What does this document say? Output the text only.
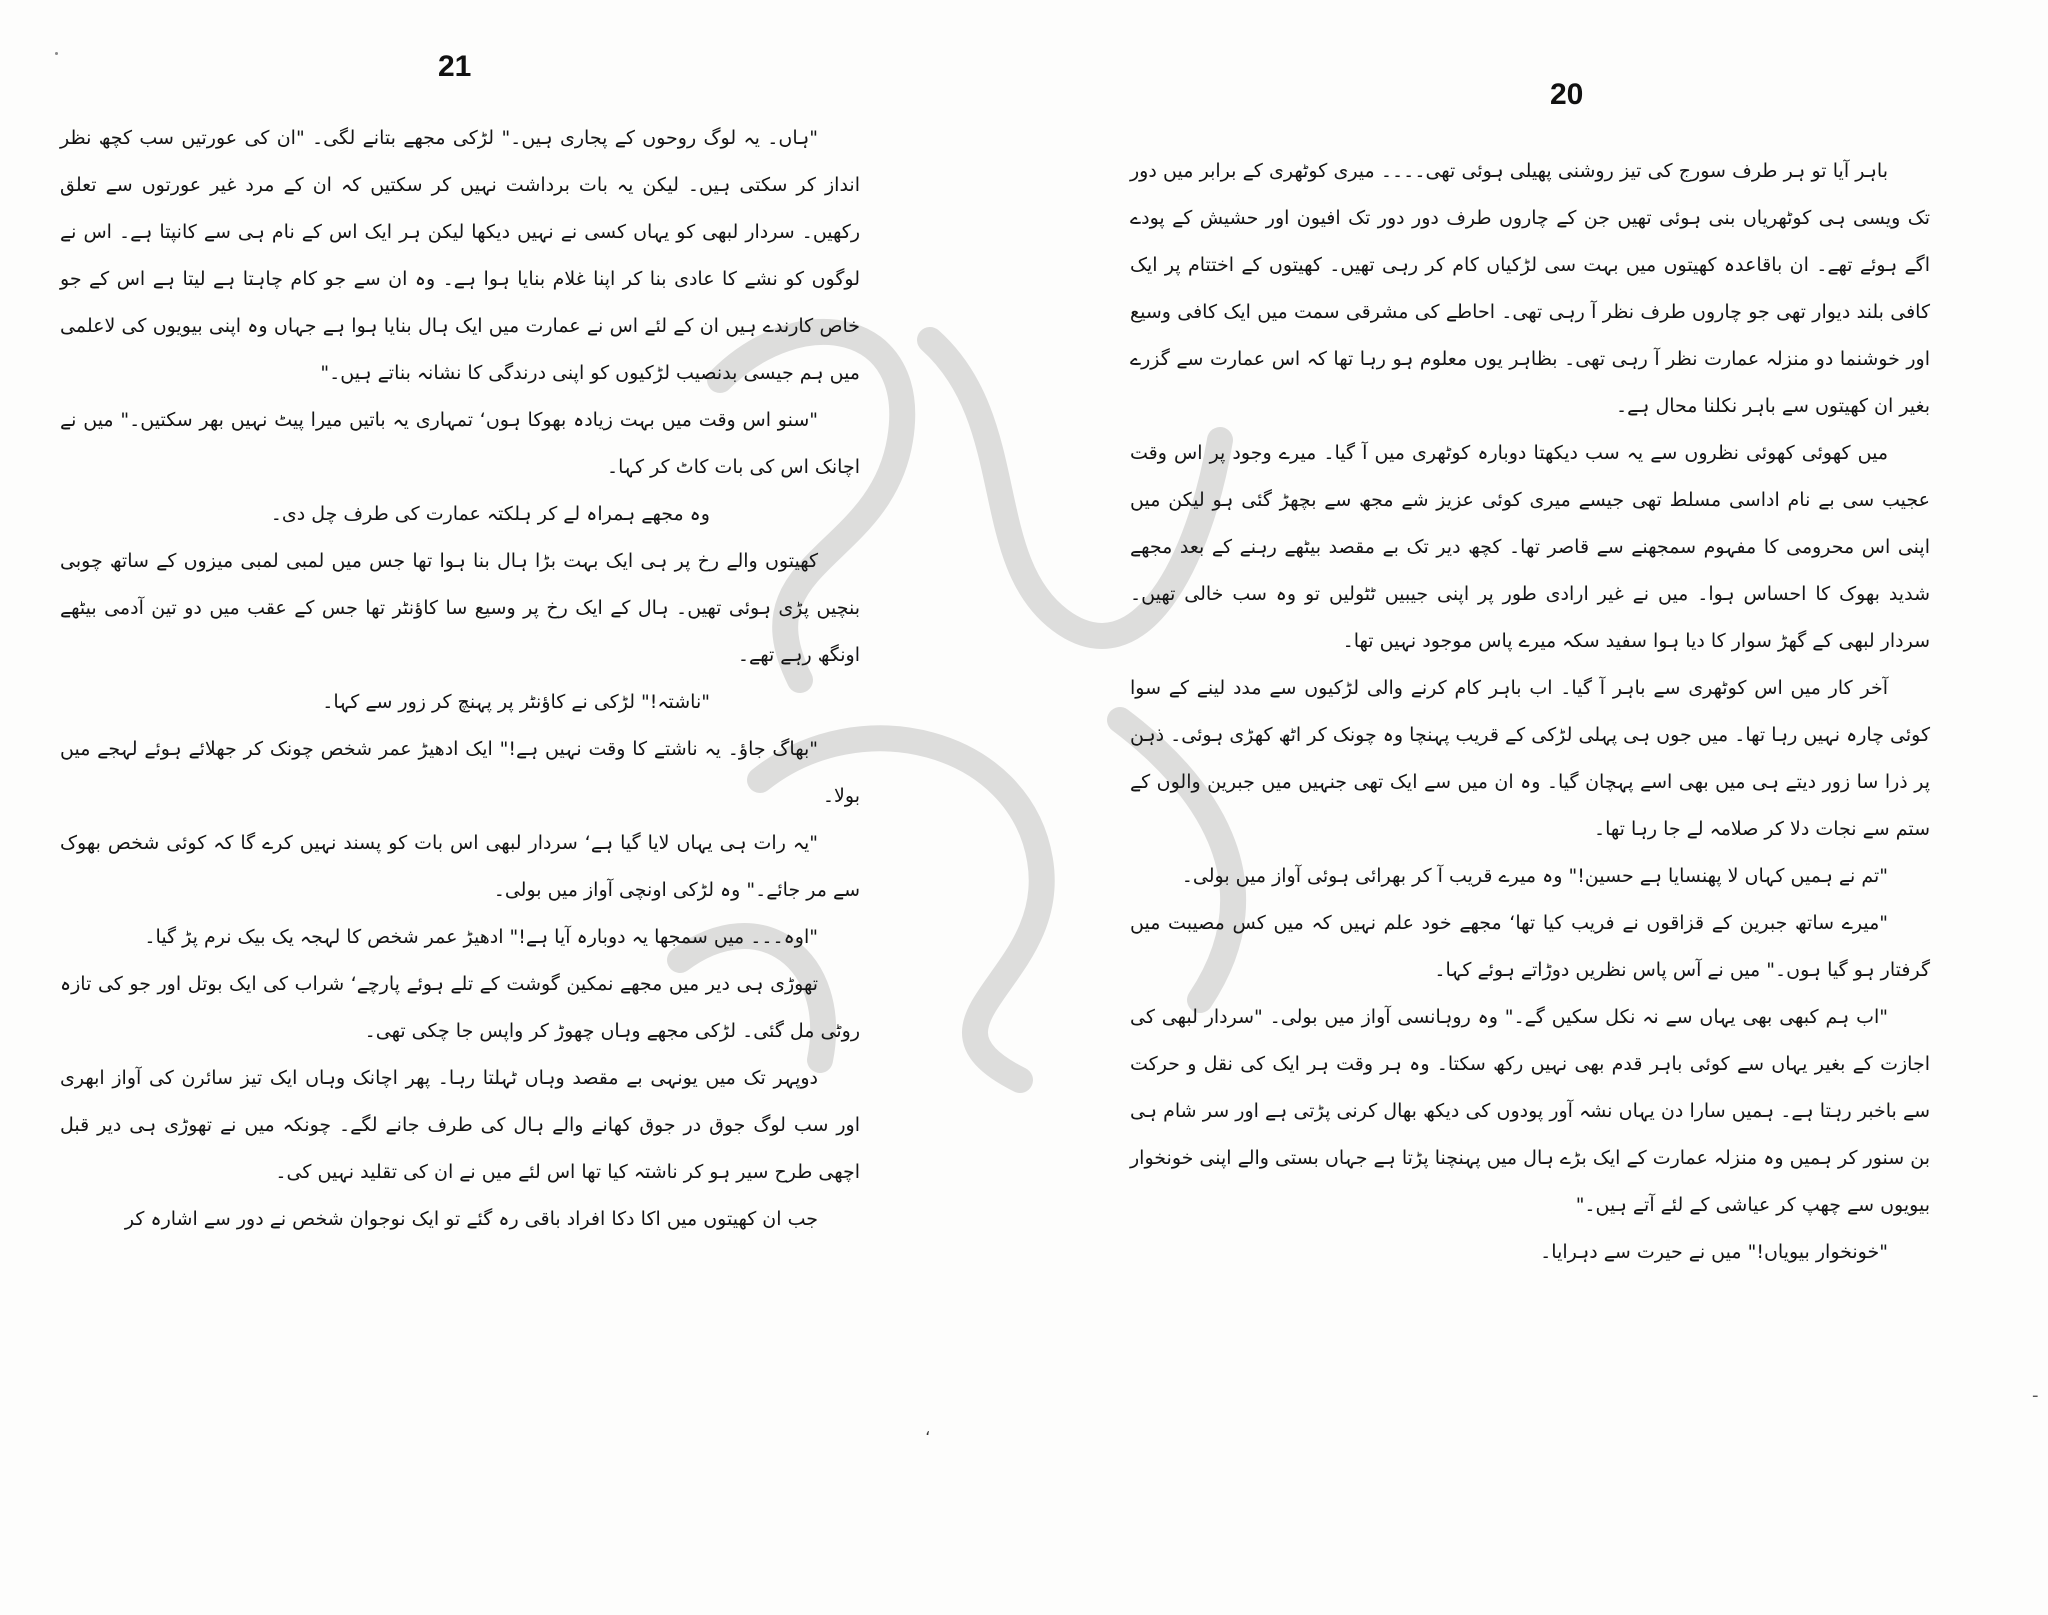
21

"ہاں۔ یہ لوگ روحوں کے پجاری ہیں۔" لڑکی مجھے بتانے لگی۔ "ان کی عورتیں سب کچھ نظر انداز کر سکتی ہیں۔ لیکن یہ بات برداشت نہیں کر سکتیں کہ ان کے مرد غیر عورتوں سے تعلق رکھیں۔ سردار لبھی کو یہاں کسی نے نہیں دیکھا لیکن ہر ایک اس کے نام ہی سے کانپتا ہے۔ اس نے لوگوں کو نشے کا عادی بنا کر اپنا غلام بنایا ہوا ہے۔ وہ ان سے جو کام چاہتا ہے لیتا ہے اس کے جو خاص کارندے ہیں ان کے لئے اس نے عمارت میں ایک ہال بنایا ہوا ہے جہاں وہ اپنی بیویوں کی لاعلمی میں ہم جیسی بدنصیب لڑکیوں کو اپنی درندگی کا نشانہ بناتے ہیں۔"

"سنو اس وقت میں بہت زیادہ بھوکا ہوں‘ تمہاری یہ باتیں میرا پیٹ نہیں بھر سکتیں۔" میں نے اچانک اس کی بات کاٹ کر کہا۔

وہ مجھے ہمراہ لے کر ہلکتہ عمارت کی طرف چل دی۔

کھیتوں والے رخ پر ہی ایک بہت بڑا ہال بنا ہوا تھا جس میں لمبی لمبی میزوں کے ساتھ چوبی بنچیں پڑی ہوئی تھیں۔ ہال کے ایک رخ پر وسیع سا کاؤنٹر تھا جس کے عقب میں دو تین آدمی بیٹھے اونگھ رہے تھے۔

"ناشتہ!" لڑکی نے کاؤنٹر پر پہنچ کر زور سے کہا۔

"بھاگ جاؤ۔ یہ ناشتے کا وقت نہیں ہے!" ایک ادھیڑ عمر شخص چونک کر جھلائے ہوئے لہجے میں بولا۔

"یہ رات ہی یہاں لایا گیا ہے‘ سردار لبھی اس بات کو پسند نہیں کرے گا کہ کوئی شخص بھوک سے مر جائے۔" وہ لڑکی اونچی آواز میں بولی۔

"اوہ۔۔۔ میں سمجھا یہ دوبارہ آیا ہے!" ادھیڑ عمر شخص کا لہجہ یک بیک نرم پڑ گیا۔

تھوڑی ہی دیر میں مجھے نمکین گوشت کے تلے ہوئے پارچے‘ شراب کی ایک بوتل اور جو کی تازہ روٹی مل گئی۔ لڑکی مجھے وہاں چھوڑ کر واپس جا چکی تھی۔

دوپہر تک میں یونہی بے مقصد وہاں ٹہلتا رہا۔ پھر اچانک وہاں ایک تیز سائرن کی آواز ابھری اور سب لوگ جوق در جوق کھانے والے ہال کی طرف جانے لگے۔ چونکہ میں نے تھوڑی ہی دیر قبل اچھی طرح سیر ہو کر ناشتہ کیا تھا اس لئے میں نے ان کی تقلید نہیں کی۔

جب ان کھیتوں میں اکا دکا افراد باقی رہ گئے تو ایک نوجوان شخص نے دور سے اشارہ کر

،
20

باہر آیا تو ہر طرف سورج کی تیز روشنی پھیلی ہوئی تھی۔۔۔۔ میری کوٹھری کے برابر میں دور تک ویسی ہی کوٹھریاں بنی ہوئی تھیں جن کے چاروں طرف دور دور تک افیون اور حشیش کے پودے اگے ہوئے تھے۔ ان باقاعدہ کھیتوں میں بہت سی لڑکیاں کام کر رہی تھیں۔ کھیتوں کے اختتام پر ایک کافی بلند دیوار تھی جو چاروں طرف نظر آ رہی تھی۔ احاطے کی مشرقی سمت میں ایک کافی وسیع اور خوشنما دو منزلہ عمارت نظر آ رہی تھی۔ بظاہر یوں معلوم ہو رہا تھا کہ اس عمارت سے گزرے بغیر ان کھیتوں سے باہر نکلنا محال ہے۔

میں کھوئی کھوئی نظروں سے یہ سب دیکھتا دوبارہ کوٹھری میں آ گیا۔ میرے وجود پر اس وقت عجیب سی بے نام اداسی مسلط تھی جیسے میری کوئی عزیز شے مجھ سے بچھڑ گئی ہو لیکن میں اپنی اس محرومی کا مفہوم سمجھنے سے قاصر تھا۔ کچھ دیر تک بے مقصد بیٹھے رہنے کے بعد مجھے شدید بھوک کا احساس ہوا۔ میں نے غیر ارادی طور پر اپنی جیبیں ٹٹولیں تو وہ سب خالی تھیں۔ سردار لبھی کے گھڑ سوار کا دیا ہوا سفید سکہ میرے پاس موجود نہیں تھا۔

آخر کار میں اس کوٹھری سے باہر آ گیا۔ اب باہر کام کرنے والی لڑکیوں سے مدد لینے کے سوا کوئی چارہ نہیں رہا تھا۔ میں جوں ہی پہلی لڑکی کے قریب پہنچا وہ چونک کر اٹھ کھڑی ہوئی۔ ذہن پر ذرا سا زور دیتے ہی میں بھی اسے پہچان گیا۔ وہ ان میں سے ایک تھی جنہیں میں جبرین والوں کے ستم سے نجات دلا کر صلامہ لے جا رہا تھا۔

"تم نے ہمیں کہاں لا پھنسایا ہے حسین!" وہ میرے قریب آ کر بھرائی ہوئی آواز میں بولی۔

"میرے ساتھ جبرین کے قزاقوں نے فریب کیا تھا‘ مجھے خود علم نہیں کہ میں کس مصیبت میں گرفتار ہو گیا ہوں۔" میں نے آس پاس نظریں دوڑاتے ہوئے کہا۔

"اب ہم کبھی بھی یہاں سے نہ نکل سکیں گے۔" وہ روہانسی آواز میں بولی۔ "سردار لبھی کی اجازت کے بغیر یہاں سے کوئی باہر قدم بھی نہیں رکھ سکتا۔ وہ ہر وقت ہر ایک کی نقل و حرکت سے باخبر رہتا ہے۔ ہمیں سارا دن یہاں نشہ آور پودوں کی دیکھ بھال کرنی پڑتی ہے اور سر شام ہی بن سنور کر ہمیں وہ منزلہ عمارت کے ایک بڑے ہال میں پہنچنا پڑتا ہے جہاں بستی والے اپنی خونخوار بیویوں سے چھپ کر عیاشی کے لئے آتے ہیں۔"

"خونخوار بیویاں!" میں نے حیرت سے دہرایا۔

-
